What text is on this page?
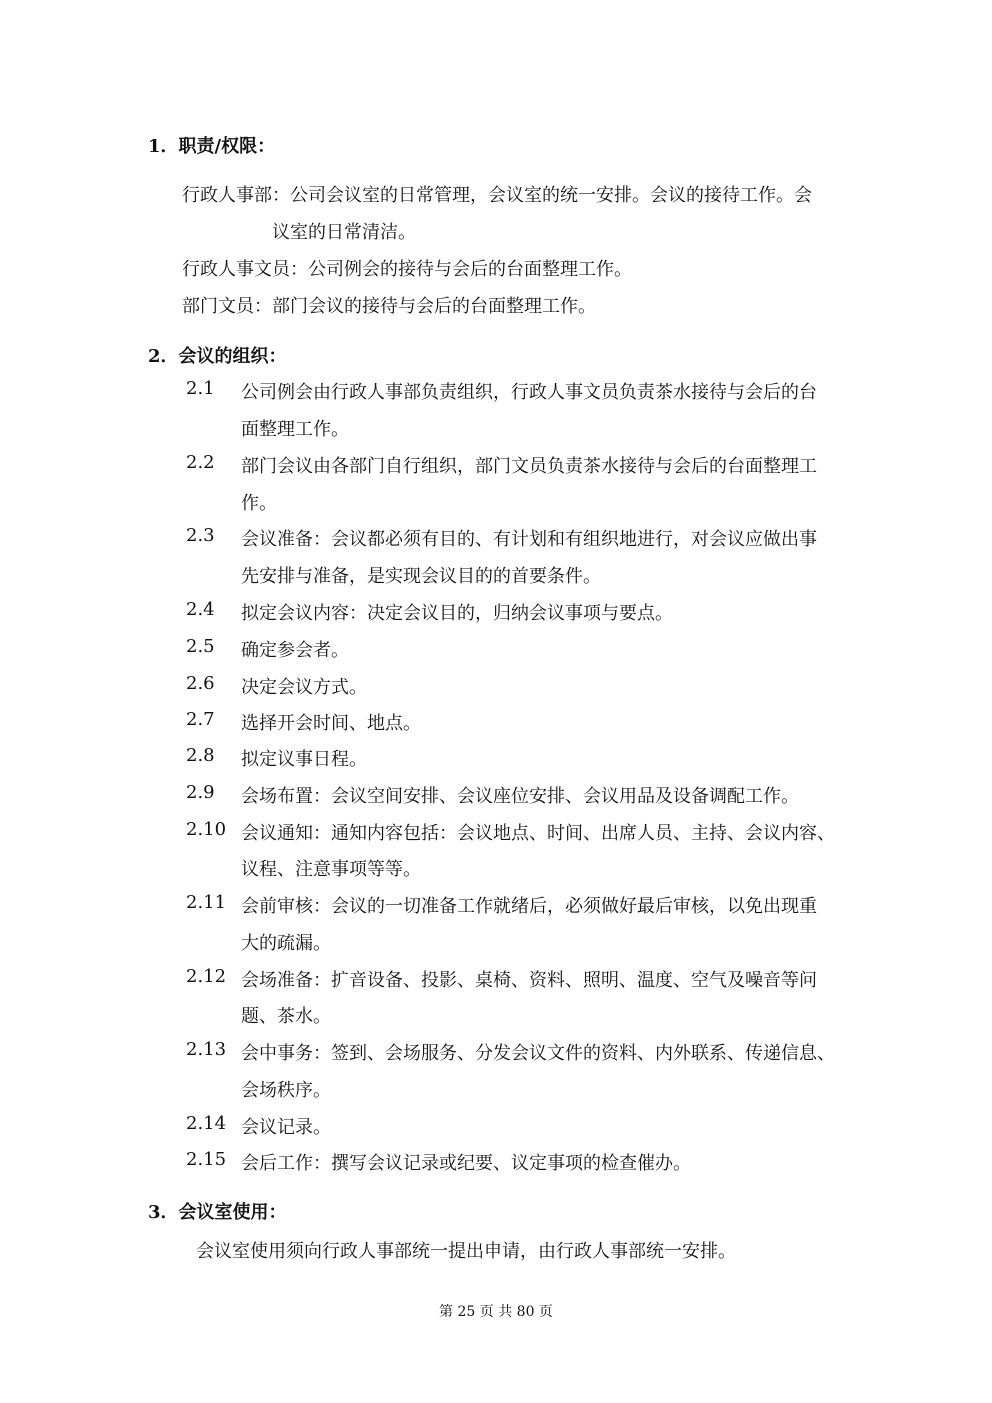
1．职责/权限：
行政人事部：公司会议室的日常管理，会议室的统一安排。会议的接待工作。会
议室的日常清洁。
行政人事文员：公司例会的接待与会后的台面整理工作。
部门文员：部门会议的接待与会后的台面整理工作。
2．会议的组织：
2.1 公司例会由行政人事部负责组织，行政人事文员负责茶水接待与会后的台
面整理工作。
2.2 部门会议由各部门自行组织，部门文员负责茶水接待与会后的台面整理工
作。
2.3 会议准备：会议都必须有目的、有计划和有组织地进行，对会议应做出事
先安排与准备，是实现会议目的的首要条件。
2.4 拟定会议内容：决定会议目的，归纳会议事项与要点。
2.5 确定参会者。
2.6 决定会议方式。
2.7 选择开会时间、地点。
2.8 拟定议事日程。
2.9 会场布置：会议空间安排、会议座位安排、会议用品及设备调配工作。
2.10 会议通知：通知内容包括：会议地点、时间、出席人员、主持、会议内容、
议程、注意事项等等。
2.11 会前审核：会议的一切准备工作就绪后，必须做好最后审核，以免出现重
大的疏漏。
2.12 会场准备：扩音设备、投影、桌椅、资料、照明、温度、空气及噪音等问
题、茶水。
2.13 会中事务：签到、会场服务、分发会议文件的资料、内外联系、传递信息、
会场秩序。
2.14 会议记录。
2.15 会后工作：撰写会议记录或纪要、议定事项的检查催办。
3．会议室使用：
会议室使用须向行政人事部统一提出申请，由行政人事部统一安排。
第 25 页 共 80 页
